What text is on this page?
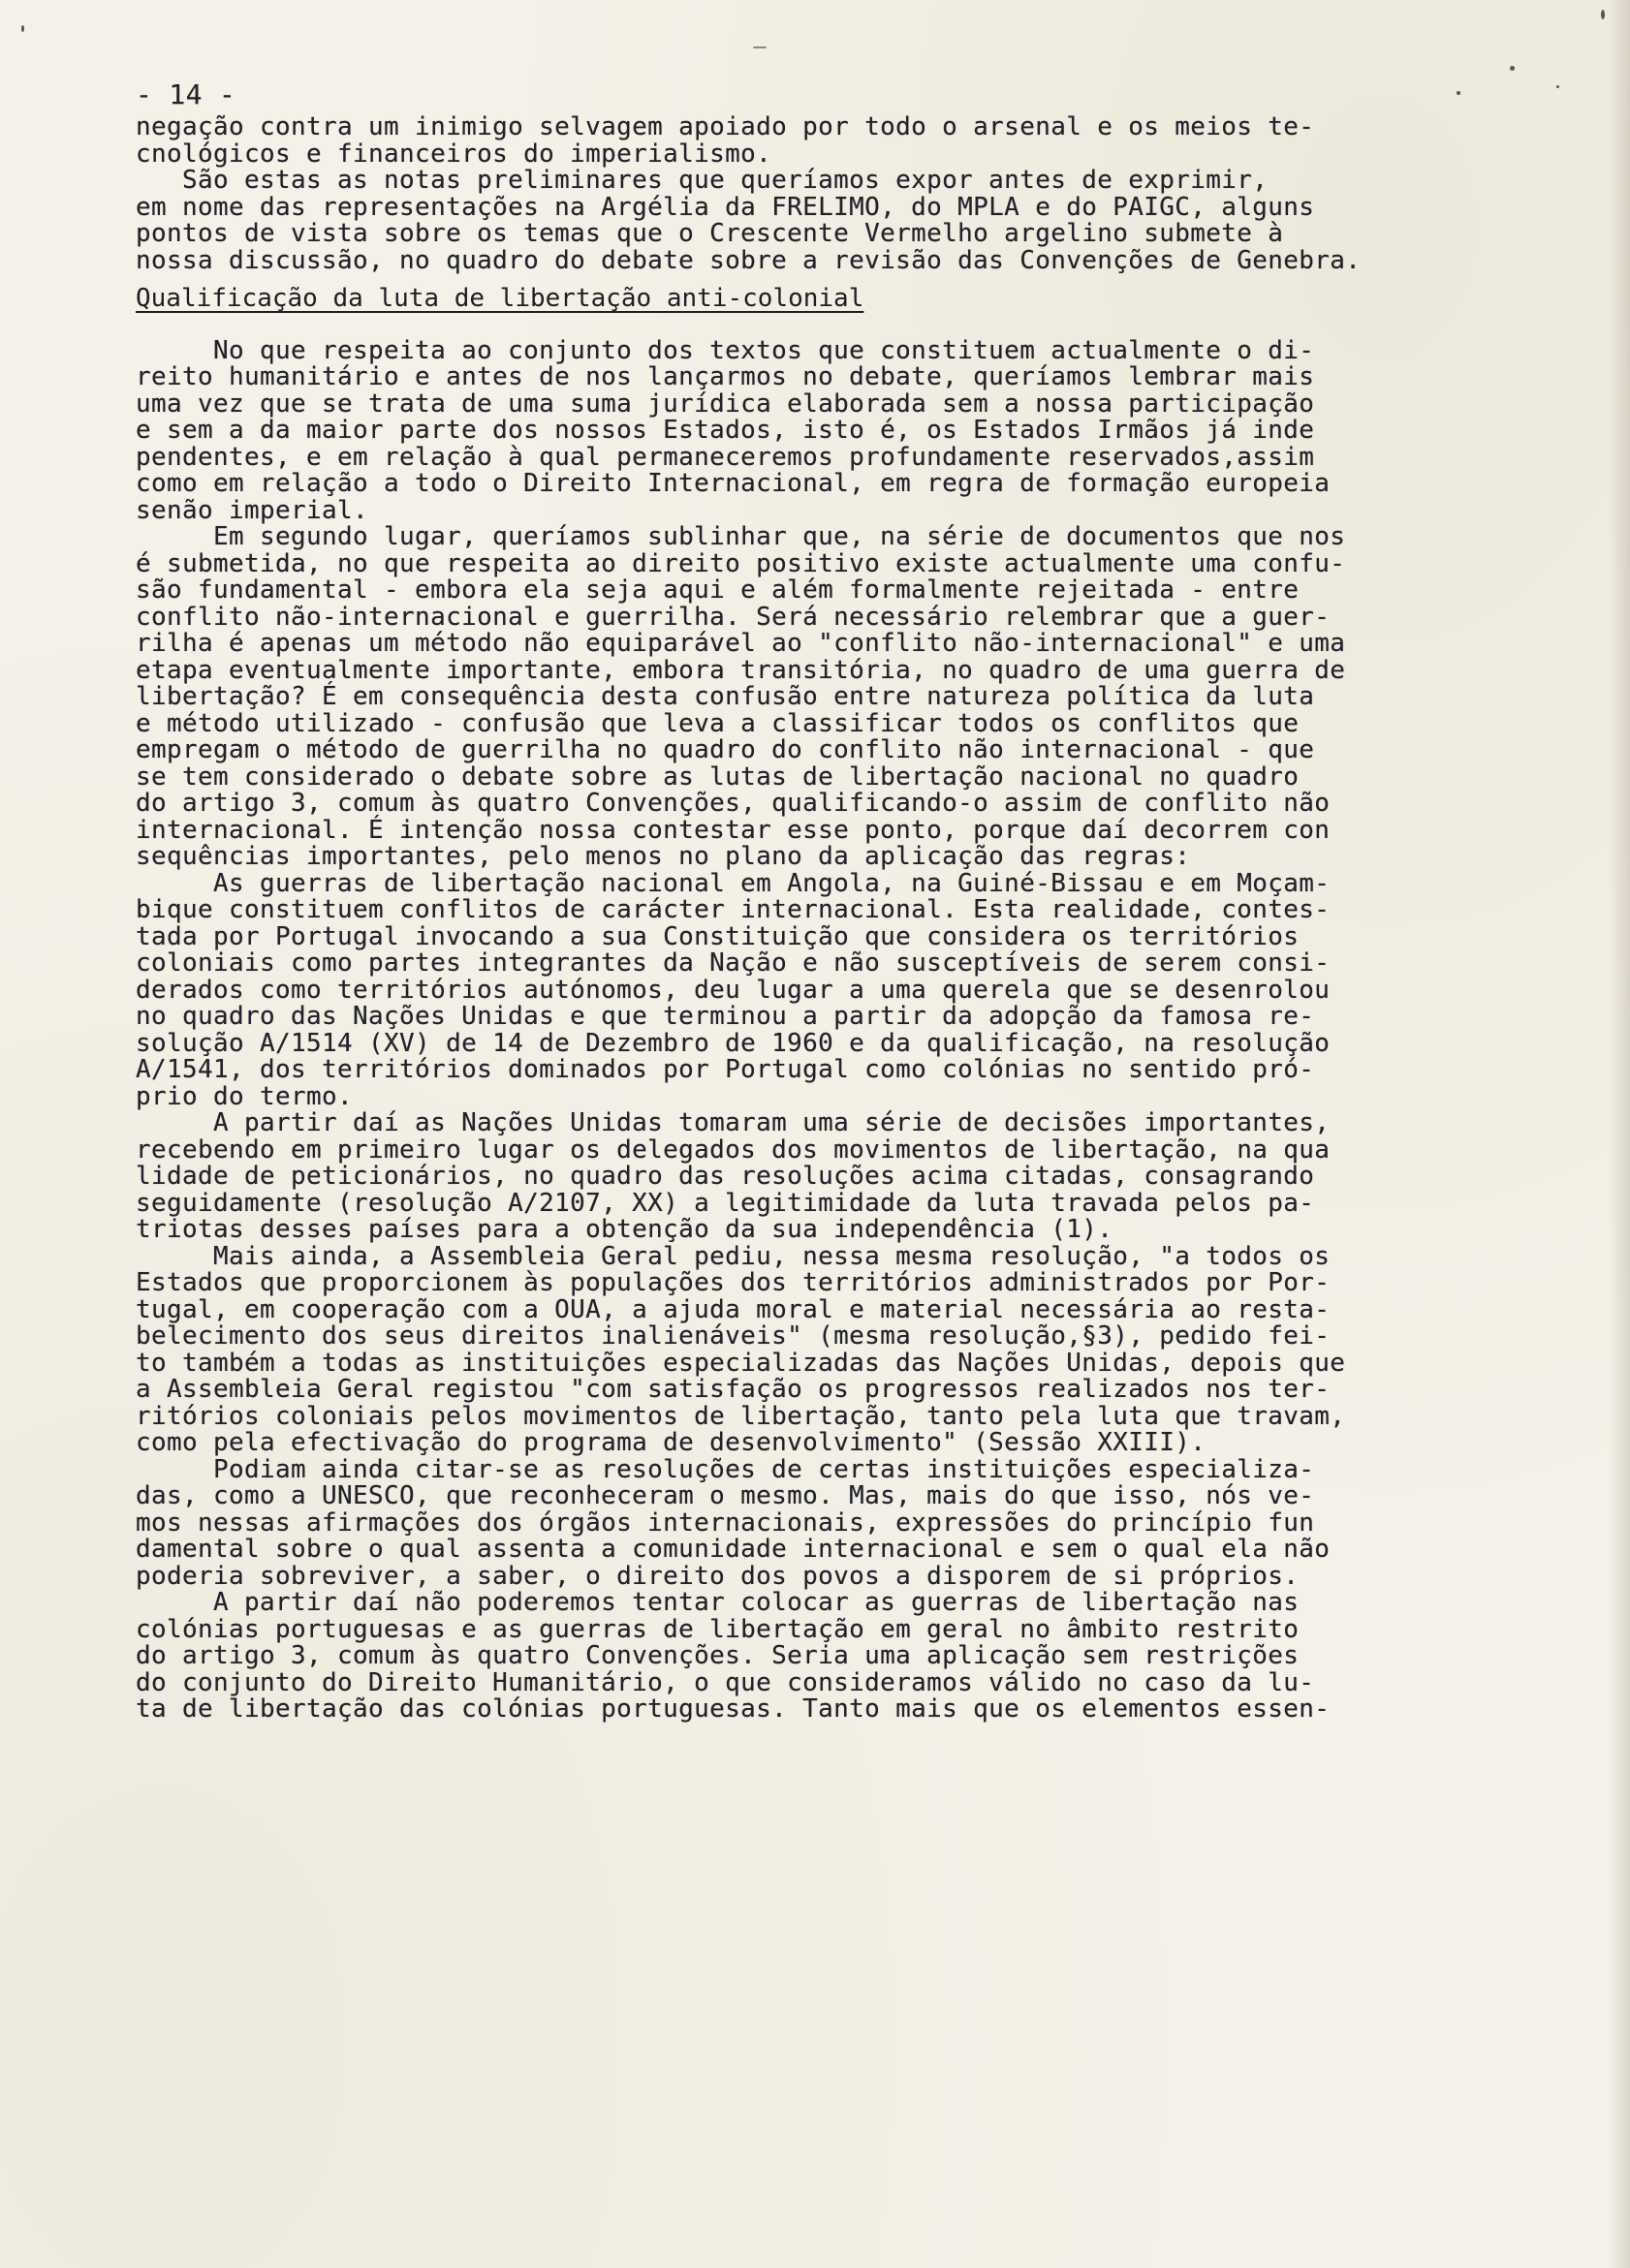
- 14 -
negação contra um inimigo selvagem apoiado por todo o arsenal e os meios te-
cnológicos e financeiros do imperialismo.
São estas as notas preliminares que queríamos expor antes de exprimir,
em nome das representações na Argélia da FRELIMO, do MPLA e do PAIGC, alguns
pontos de vista sobre os temas que o Crescente Vermelho argelino submete à
nossa discussão, no quadro do debate sobre a revisão das Convenções de Genebra.
Qualificação da luta de libertação anti-colonial
No que respeita ao conjunto dos textos que constituem actualmente o di-
reito humanitário e antes de nos lançarmos no debate, queríamos lembrar mais
uma vez que se trata de uma suma jurídica elaborada sem a nossa participação
e sem a da maior parte dos nossos Estados, isto é, os Estados Irmãos já inde
pendentes, e em relação à qual permaneceremos profundamente reservados,assim
como em relação a todo o Direito Internacional, em regra de formação europeia
senão imperial.
Em segundo lugar, queríamos sublinhar que, na série de documentos que nos
é submetida, no que respeita ao direito positivo existe actualmente uma confu-
são fundamental - embora ela seja aqui e além formalmente rejeitada - entre
conflito não-internacional e guerrilha. Será necessário relembrar que a guer-
rilha é apenas um método não equiparável ao "conflito não-internacional" e uma
etapa eventualmente importante, embora transitória, no quadro de uma guerra de
libertação? É em consequência desta confusão entre natureza política da luta
e método utilizado - confusão que leva a classificar todos os conflitos que
empregam o método de guerrilha no quadro do conflito não internacional - que
se tem considerado o debate sobre as lutas de libertação nacional no quadro
do artigo 3, comum às quatro Convenções, qualificando-o assim de conflito não
internacional. É intenção nossa contestar esse ponto, porque daí decorrem con
sequências importantes, pelo menos no plano da aplicação das regras:
As guerras de libertação nacional em Angola, na Guiné-Bissau e em Moçam-
bique constituem conflitos de carácter internacional. Esta realidade, contes-
tada por Portugal invocando a sua Constituição que considera os territórios
coloniais como partes integrantes da Nação e não susceptíveis de serem consi-
derados como territórios autónomos, deu lugar a uma querela que se desenrolou
no quadro das Nações Unidas e que terminou a partir da adopção da famosa re-
solução A/1514 (XV) de 14 de Dezembro de 1960 e da qualificação, na resolução
A/1541, dos territórios dominados por Portugal como colónias no sentido pró-
prio do termo.
A partir daí as Nações Unidas tomaram uma série de decisões importantes,
recebendo em primeiro lugar os delegados dos movimentos de libertação, na qua
lidade de peticionários, no quadro das resoluções acima citadas, consagrando
seguidamente (resolução A/2107, XX) a legitimidade da luta travada pelos pa-
triotas desses países para a obtenção da sua independência (1).
Mais ainda, a Assembleia Geral pediu, nessa mesma resolução, "a todos os
Estados que proporcionem às populações dos territórios administrados por Por-
tugal, em cooperação com a OUA, a ajuda moral e material necessária ao resta-
belecimento dos seus direitos inalienáveis" (mesma resolução,§3), pedido fei-
to também a todas as instituições especializadas das Nações Unidas, depois que
a Assembleia Geral registou "com satisfação os progressos realizados nos ter-
ritórios coloniais pelos movimentos de libertação, tanto pela luta que travam,
como pela efectivação do programa de desenvolvimento" (Sessão XXIII).
Podiam ainda citar-se as resoluções de certas instituições especializa-
das, como a UNESCO, que reconheceram o mesmo. Mas, mais do que isso, nós ve-
mos nessas afirmações dos órgãos internacionais, expressões do princípio fun
damental sobre o qual assenta a comunidade internacional e sem o qual ela não
poderia sobreviver, a saber, o direito dos povos a disporem de si próprios.
A partir daí não poderemos tentar colocar as guerras de libertação nas
colónias portuguesas e as guerras de libertação em geral no âmbito restrito
do artigo 3, comum às quatro Convenções. Seria uma aplicação sem restrições
do conjunto do Direito Humanitário, o que consideramos válido no caso da lu-
ta de libertação das colónias portuguesas. Tanto mais que os elementos essen-
